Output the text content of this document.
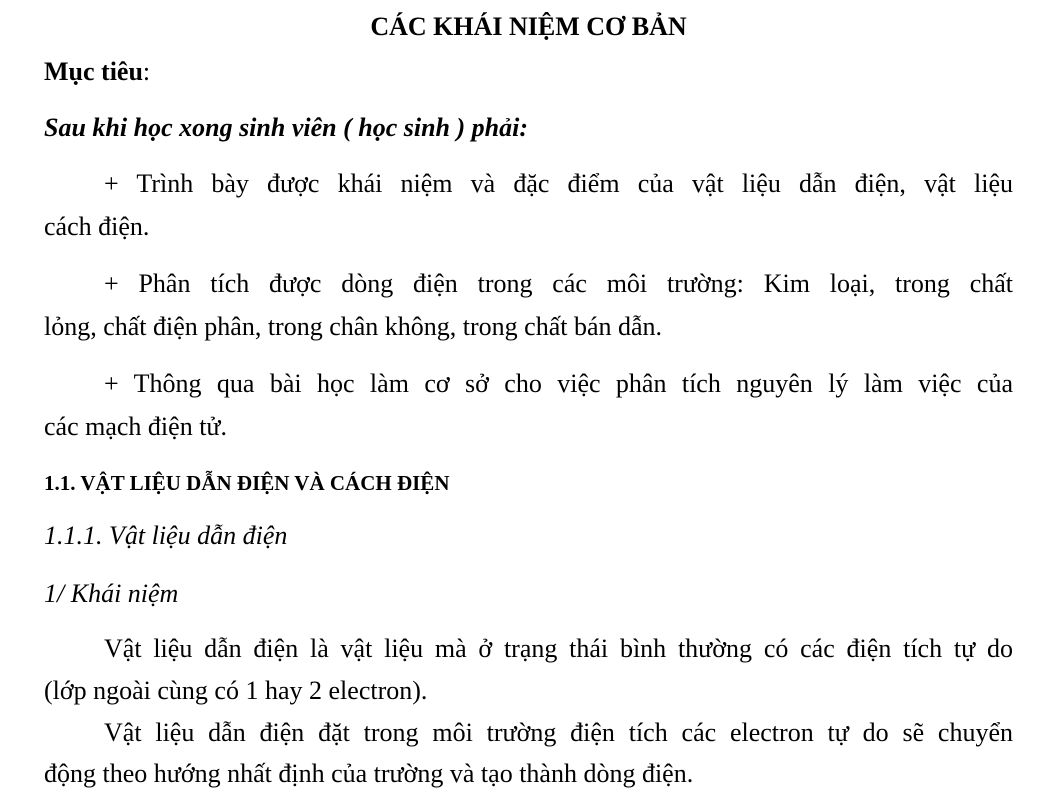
CÁC KHÁI NIỆM CƠ BẢN
Mục tiêu:
Sau khi học xong sinh viên ( học sinh ) phải:
+ Trình bày được khái niệm và đặc điểm của vật liệu dẫn điện, vật liệu
cách điện.
+ Phân tích được dòng điện trong các môi trường: Kim loại, trong chất
lỏng, chất điện phân, trong chân không, trong chất bán dẫn.
+ Thông qua bài học làm cơ sở cho việc phân tích nguyên lý làm việc của
các mạch điện tử.
1.1. VẬT LIỆU DẪN ĐIỆN VÀ CÁCH ĐIỆN
1.1.1. Vật liệu dẫn điện
1/ Khái niệm
Vật liệu dẫn điện là vật liệu mà ở trạng thái bình thường có các điện tích tự do
(lớp ngoài cùng có 1 hay 2 electron).
Vật liệu dẫn điện đặt trong môi trường điện tích các electron tự do sẽ chuyển
động theo hướng nhất định của trường và tạo thành dòng điện.
